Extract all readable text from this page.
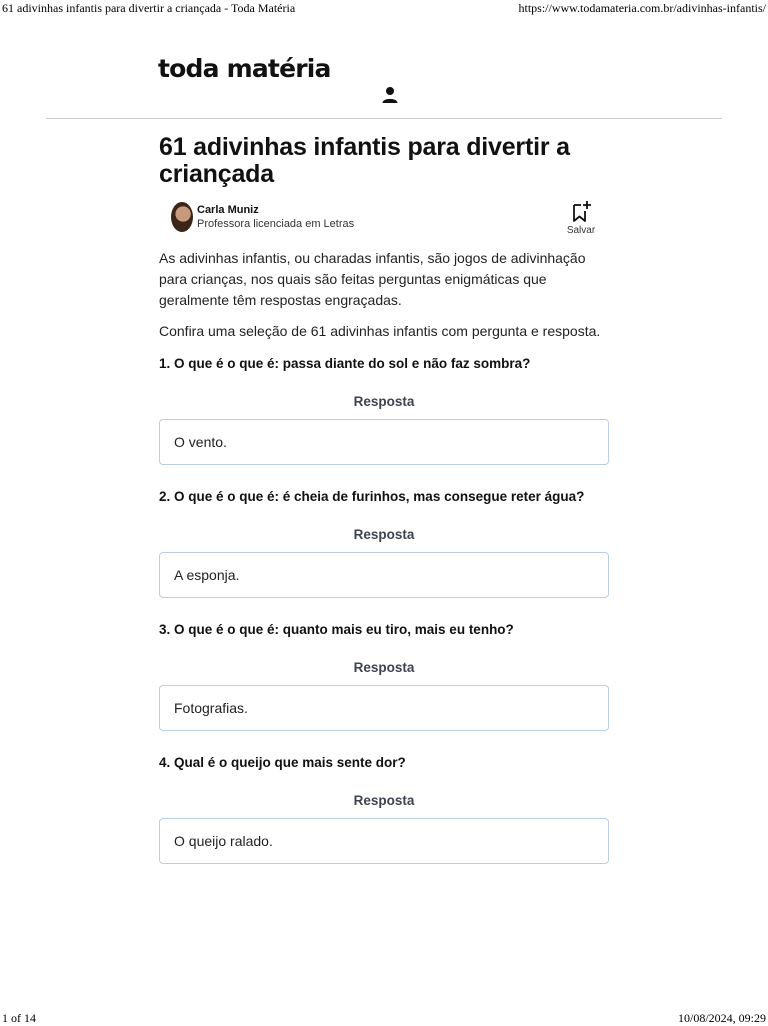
61 adivinhas infantis para divertir a criançada - Toda Matéria	https://www.todamateria.com.br/adivinhas-infantis/
toda matéria
61 adivinhas infantis para divertir a criançada
Carla Muniz
Professora licenciada em Letras
Salvar

As adivinhas infantis, ou charadas infantis, são jogos de adivinhação para crianças, nos quais são feitas perguntas enigmáticas que geralmente têm respostas engraçadas.

Confira uma seleção de 61 adivinhas infantis com pergunta e resposta.

1. O que é o que é: passa diante do sol e não faz sombra?

Resposta
O vento.

2. O que é o que é: é cheia de furinhos, mas consegue reter água?

Resposta
A esponja.

3. O que é o que é: quanto mais eu tiro, mais eu tenho?

Resposta
Fotografias.

4. Qual é o queijo que mais sente dor?

Resposta
O queijo ralado.
1 of 14	10/08/2024, 09:29
